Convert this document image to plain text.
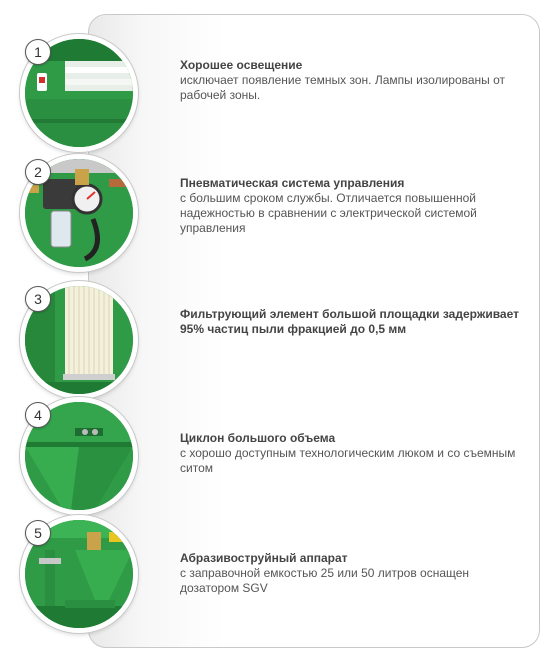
1
Хорошее освещение
исключает появление темных зон. Лампы изолированы от рабочей зоны.
2
Пневматическая система управления
с большим сроком службы. Отличается повышенной надежностью в сравнении с электрической системой управления
3
Фильтрующий элемент большой площадки задерживает 95% частиц пыли фракцией до 0,5 мм
4
Циклон большого объема
с хорошо доступным технологическим люком и со съемным ситом
5
Абразивоструйный аппарат
с заправочной емкостью 25 или 50 литров оснащен дозатором SGV
